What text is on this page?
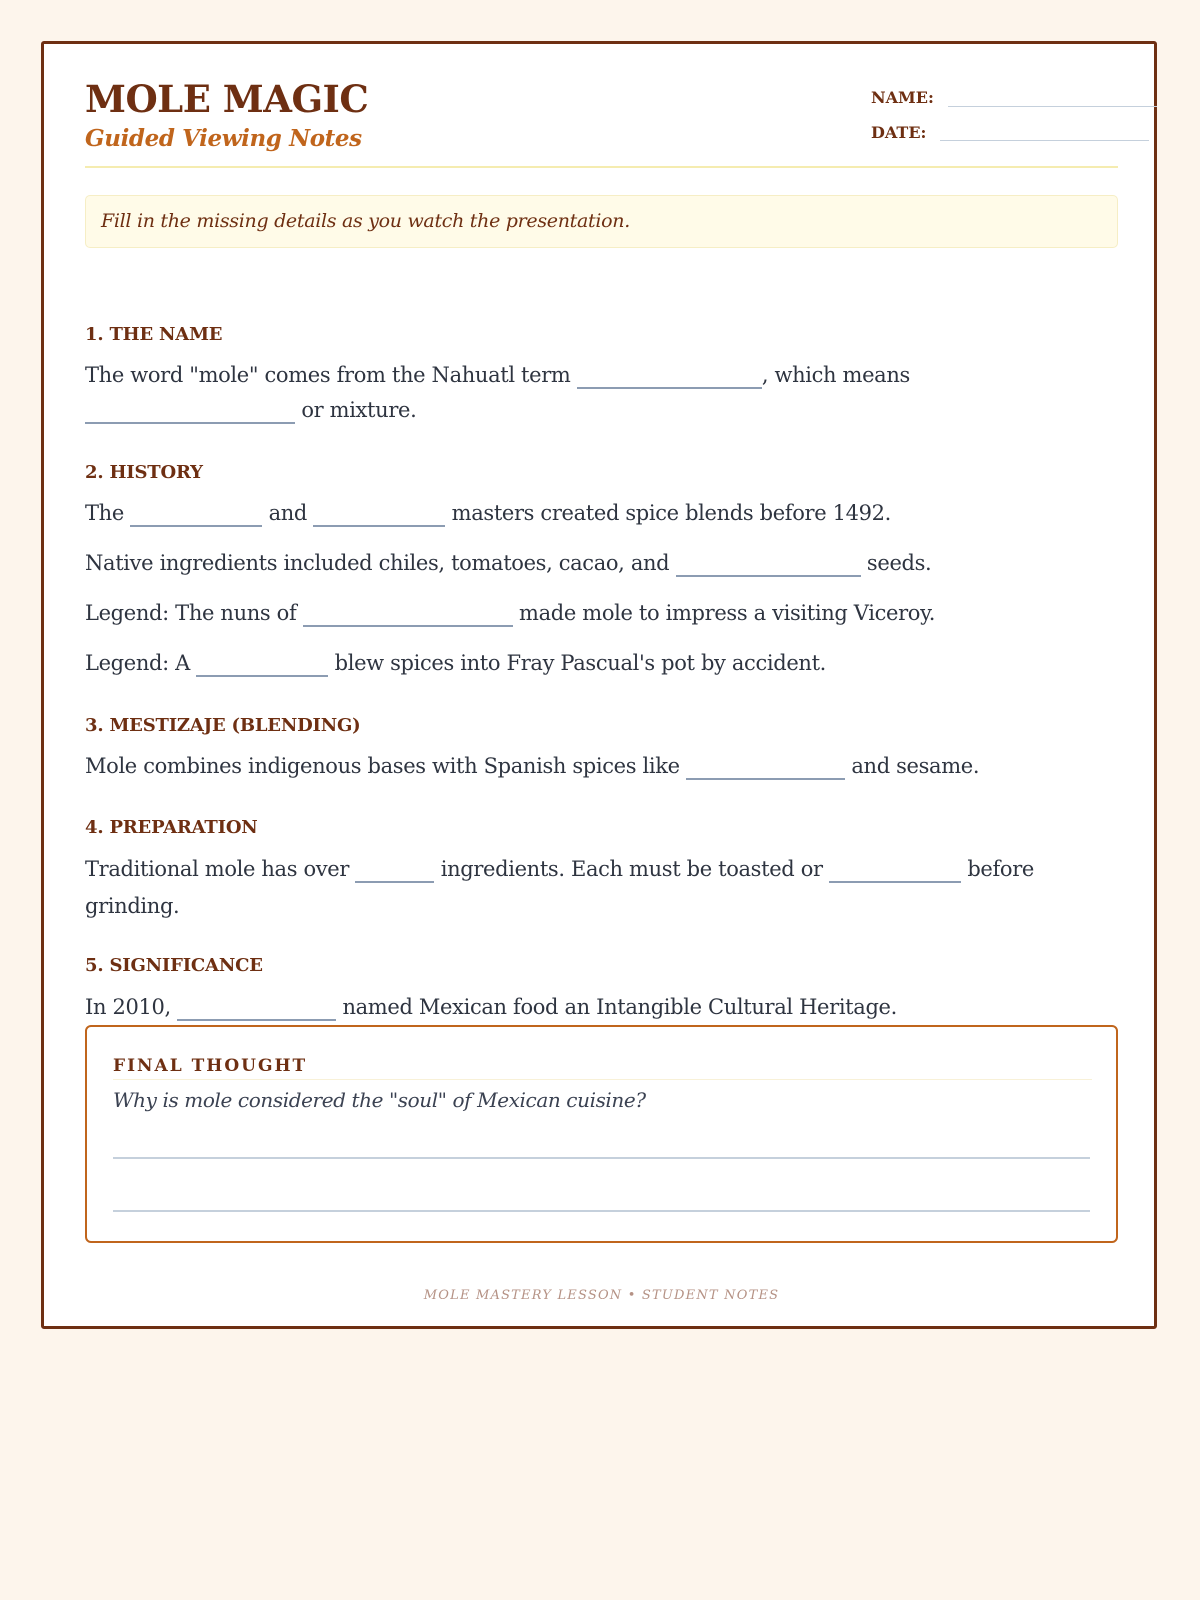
MOLE MAGIC
Guided Viewing Notes
NAME:
DATE:
Fill in the missing details as you watch the presentation.
1. THE NAME
The word "mole" comes from the Nahuatl term	, which means
or mixture.
2. HISTORY
The	and	masters created spice blends before 1492.
Native ingredients included chiles, tomatoes, cacao, and	seeds.
Legend: The nuns of	made mole to impress a visiting Viceroy.
Legend: A	blew spices into Fray Pascual's pot by accident.
3. MESTIZAJE (BLENDING)
Mole combines indigenous bases with Spanish spices like	and sesame.
4. PREPARATION
Traditional mole has over	ingredients. Each must be toasted or	before
grinding.
5. SIGNIFICANCE
In 2010,	named Mexican food an Intangible Cultural Heritage.
FINAL THOUGHT
Why is mole considered the "soul" of Mexican cuisine?
MOLE MASTERY LESSON • STUDENT NOTES
